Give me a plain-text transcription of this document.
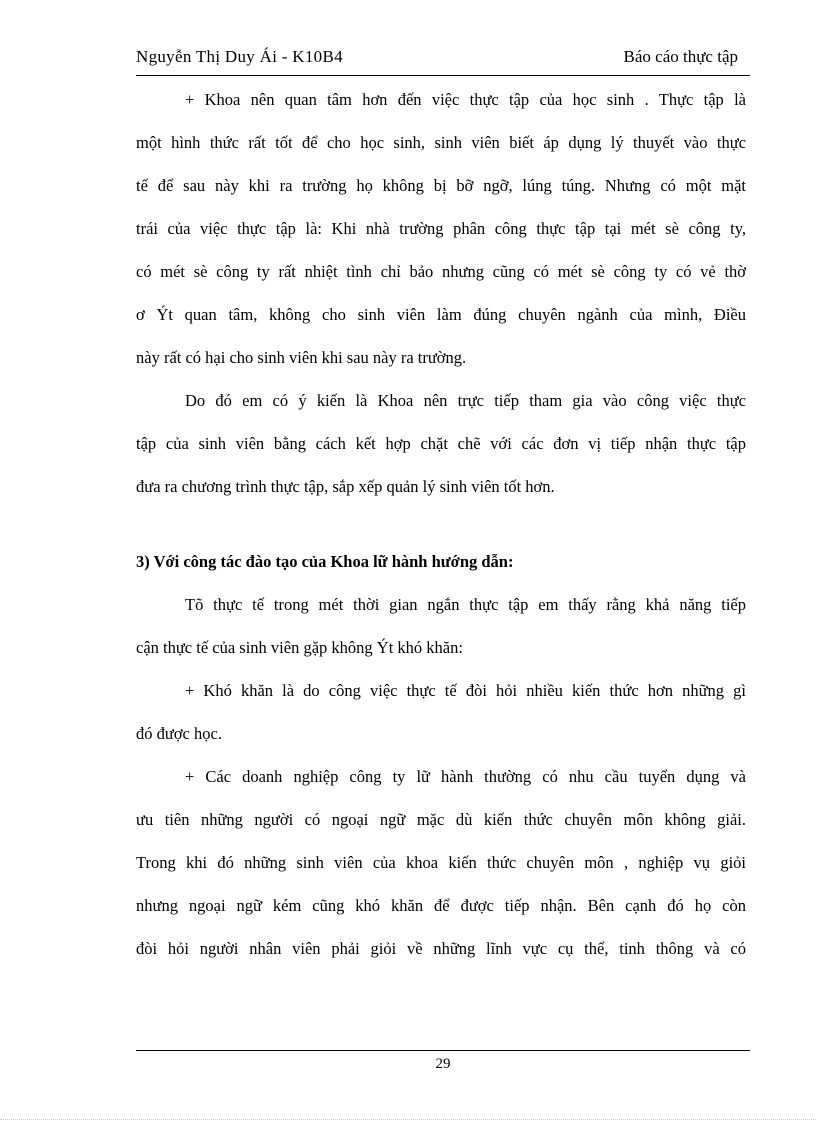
Nguyễn Thị Duy Ái - K10B4	Báo cáo thực tập
+ Khoa nên quan tâm hơn đến việc thực tập của học sinh . Thực tập là
một hình thức rất tốt để cho học sinh, sinh viên biết áp dụng lý thuyết vào thực
tế để sau này khi ra trường họ không bị bỡ ngỡ, lúng túng. Nhưng có một mặt
trái của việc thực tập là: Khi nhà trường phân công thực tập tại mét sè công ty,
có mét sè công ty rất nhiệt tình chỉ bảo nhưng cũng có mét sè công ty có vẻ thờ
ơ Ýt quan tâm, không cho sinh viên làm đúng chuyên ngành của mình, Điều
này rất có hại cho sinh viên khi sau này ra trường.
Do đó em có ý kiến là Khoa nên trực tiếp tham gia vào công việc thực
tập của sinh viên bằng cách kết hợp chặt chẽ với các đơn vị tiếp nhận thực tập
đưa ra chương trình thực tập, sắp xếp quản lý sinh viên tốt hơn.
3) Với công tác đào tạo của Khoa lữ hành hướng dẫn:
Tõ thực tế trong mét thời gian ngắn thực tập em thấy rằng khả năng tiếp
cận thực tế của sinh viên gặp không Ýt khó khăn:
+ Khó khăn là do công việc thực tế đòi hỏi nhiều kiến thức hơn những gì
đó được học.
+ Các doanh nghiệp công ty lữ hành thường có nhu cầu tuyển dụng và
ưu tiên những người có ngoại ngữ mặc dù kiến thức chuyên môn không giải.
Trong khi đó những sinh viên của khoa kiến thức chuyên môn , nghiệp vụ giỏi
nhưng ngoại ngữ kém cũng khó khăn để được tiếp nhận. Bên cạnh đó họ còn
đòi hỏi người nhân viên phải giỏi về những lĩnh vực cụ thể, tinh thông và có
29
